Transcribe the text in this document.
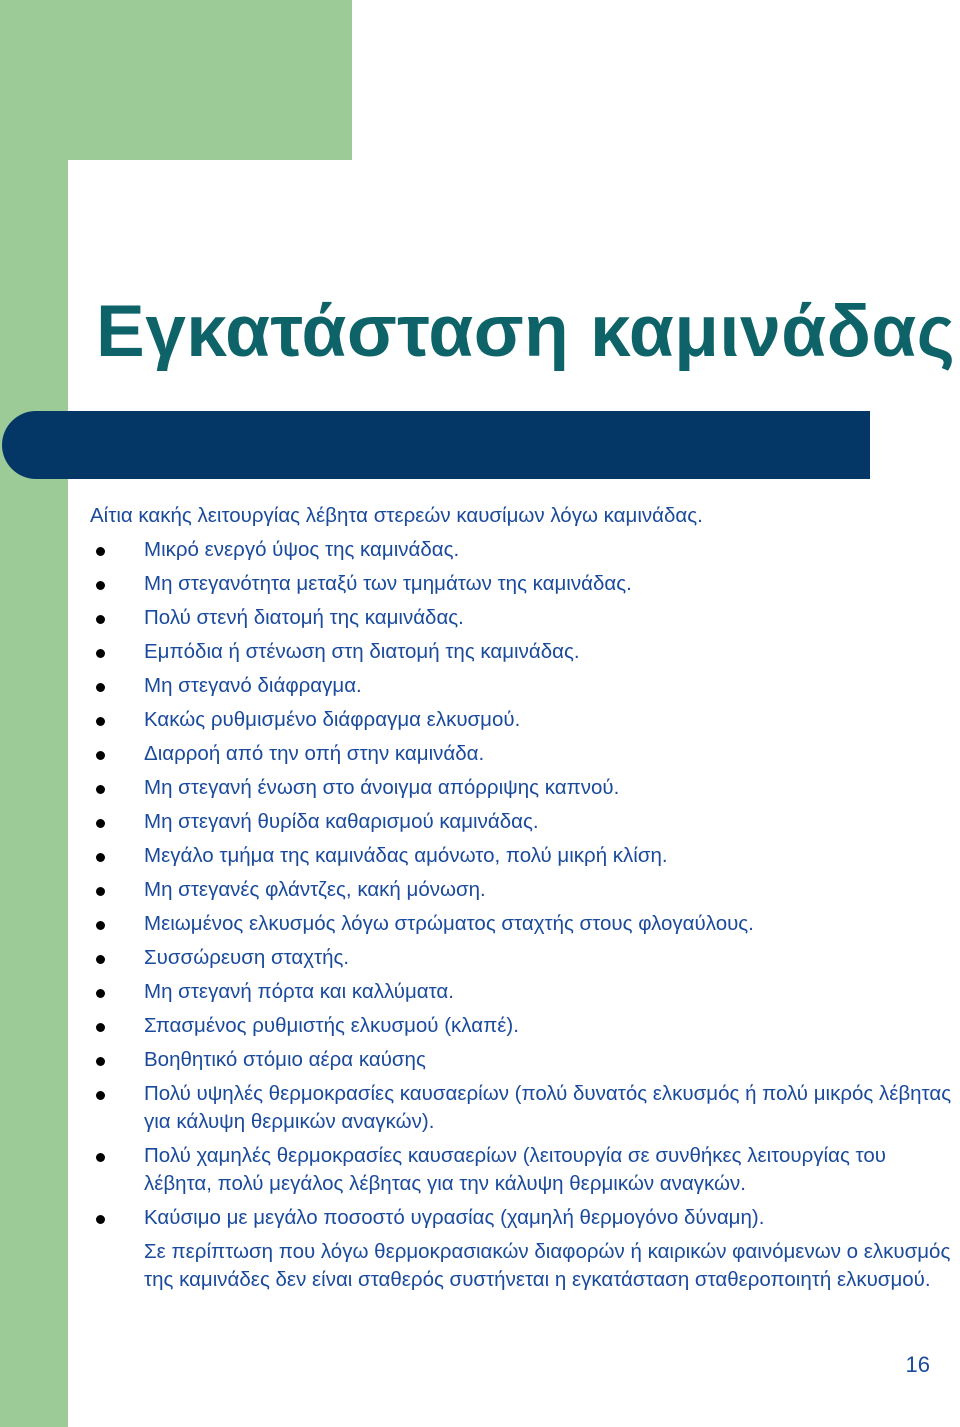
Εγκατάσταση καμινάδας

Αίτια κακής λειτουργίας λέβητα στερεών καυσίμων λόγω καμινάδας.

Μικρό ενεργό ύψος της καμινάδας.
Μη στεγανότητα μεταξύ των τμημάτων της καμινάδας.
Πολύ στενή διατομή της καμινάδας.
Εμπόδια ή στένωση στη διατομή της καμινάδας.
Μη στεγανό διάφραγμα.
Κακώς ρυθμισμένο διάφραγμα ελκυσμού.
Διαρροή από την οπή στην καμινάδα.
Μη στεγανή ένωση στο άνοιγμα απόρριψης καπνού.
Μη στεγανή θυρίδα καθαρισμού καμινάδας.
Μεγάλο τμήμα της καμινάδας αμόνωτο, πολύ μικρή κλίση.
Μη στεγανές φλάντζες, κακή μόνωση.
Μειωμένος ελκυσμός λόγω στρώματος σταχτής στους φλογαύλους.
Συσσώρευση σταχτής.
Μη στεγανή πόρτα και καλλύματα.
Σπασμένος ρυθμιστής ελκυσμού (κλαπέ).
Βοηθητικό στόμιο αέρα καύσης
Πολύ υψηλές θερμοκρασίες καυσαερίων (πολύ δυνατός ελκυσμός ή πολύ μικρός λέβητας για κάλυψη θερμικών αναγκών).
Πολύ χαμηλές θερμοκρασίες καυσαερίων (λειτουργία σε συνθήκες λειτουργίας του λέβητα, πολύ μεγάλος λέβητας για την κάλυψη θερμικών αναγκών.
Καύσιμο με μεγάλο ποσοστό υγρασίας (χαμηλή θερμογόνο δύναμη).

Σε περίπτωση που λόγω θερμοκρασιακών διαφορών ή καιρικών φαινόμενων ο ελκυσμός της καμινάδες δεν είναι σταθερός συστήνεται η εγκατάσταση σταθεροποιητή ελκυσμού.

16
